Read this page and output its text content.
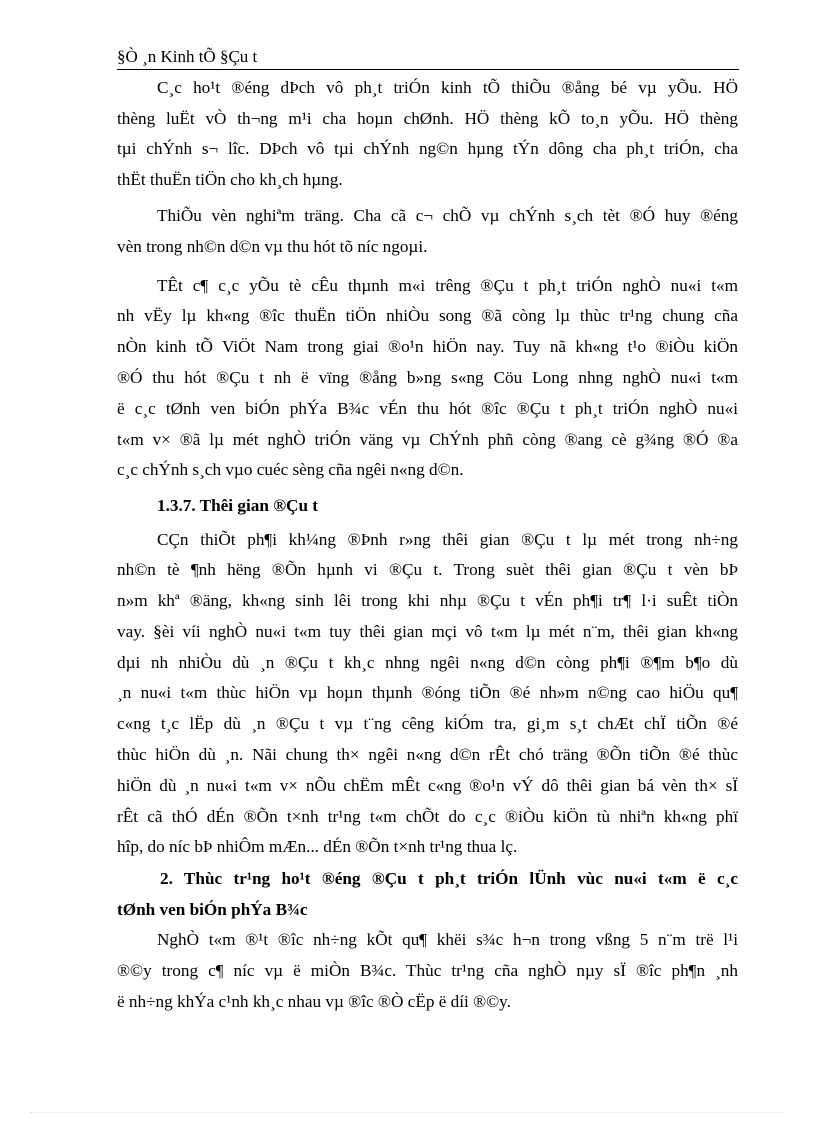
§Ò ¸n Kinh tÕ §Çu t
C¸c ho¹t ®éng dÞch vô ph¸t triÓn kinh tÕ thiÕu ®ång bé vµ yÕu. HÖ
thèng luËt vÒ th¬ng m¹i cha hoµn chØnh. HÖ thèng kÕ to¸n yÕu. HÖ thèng
tµi chÝnh s¬ lîc. DÞch vô tµi chÝnh ng©n hµng tÝn dông cha ph¸t triÓn, cha
thËt thuËn tiÖn cho kh¸ch hµng.
ThiÕu vèn nghiªm träng. Cha cã c¬ chÕ vµ chÝnh s¸ch tèt ®Ó huy ®éng
vèn trong nh©n d©n vµ thu hót tõ níc ngoµi.
TÊt c¶ c¸c yÕu tè cÊu thµnh m«i trêng ®Çu t ph¸t triÓn nghÒ nu«i t«m
nh vËy lµ kh«ng ®îc thuËn tiÖn nhiÒu song ®ã còng lµ thùc tr¹ng chung cña
nÒn kinh tÕ ViÖt Nam trong giai ®o¹n hiÖn nay. Tuy nã kh«ng t¹o ®iÒu kiÖn
®Ó thu hót ®Çu t nh ë vïng ®ång b»ng s«ng Cöu Long nhng nghÒ nu«i t«m
ë c¸c tØnh ven biÓn phÝa B¾c vÉn thu hót ®îc ®Çu t ph¸t triÓn nghÒ nu«i
t«m v× ®ã lµ mét nghÒ triÓn väng vµ ChÝnh phñ còng ®ang cè g¾ng ®Ó ®a
c¸c chÝnh s¸ch vµo cuéc sèng cña ngêi n«ng d©n.
1.3.7. Thêi gian ®Çu t
CÇn thiÕt ph¶i kh¼ng ®Þnh r»ng thêi gian ®Çu t lµ mét trong nh÷ng
nh©n tè ¶nh hëng ®Õn hµnh vi ®Çu t. Trong suèt thêi gian ®Çu t vèn bÞ
n»m khª ®äng, kh«ng sinh lêi trong khi nhµ ®Çu t vÉn ph¶i tr¶ l·i suÊt tiÒn
vay. §èi víi nghÒ nu«i t«m tuy thêi gian mçi vô t«m lµ mét n¨m, thêi gian kh«ng
dµi nh nhiÒu dù ¸n ®Çu t kh¸c nhng ngêi n«ng d©n còng ph¶i ®¶m b¶o dù
¸n nu«i t«m thùc hiÖn vµ hoµn thµnh ®óng tiÕn ®é nh»m n©ng cao hiÖu qu¶
c«ng t¸c lËp dù ¸n ®Çu t vµ t¨ng cêng kiÓm tra, gi¸m s¸t chÆt chÏ tiÕn ®é
thùc hiÖn dù ¸n. Nãi chung th× ngêi n«ng d©n rÊt chó träng ®Õn tiÕn ®é thùc
hiÖn dù ¸n nu«i t«m v× nÕu chËm mÊt c«ng ®o¹n vÝ dô thêi gian bá vèn th× sÏ
rÊt cã thÓ dÉn ®Õn t×nh tr¹ng t«m chÕt do c¸c ®iÒu kiÖn tù nhiªn kh«ng phï
hîp, do níc bÞ nhiÔm mÆn... dÉn ®Õn t×nh tr¹ng thua lç.
2. Thùc tr¹ng ho¹t ®éng ®Çu t ph¸t triÓn lÜnh vùc nu«i t«m ë c¸c
tØnh ven biÓn phÝa B¾c
NghÒ t«m ®¹t ®îc nh÷ng kÕt qu¶ khëi s¾c h¬n trong vßng 5 n¨m trë l¹i
®©y trong c¶ níc vµ ë miÒn B¾c. Thùc tr¹ng cña nghÒ nµy sÏ ®îc ph¶n ¸nh
ë nh÷ng khÝa c¹nh kh¸c nhau vµ ®îc ®Ò cËp ë díi ®©y.
